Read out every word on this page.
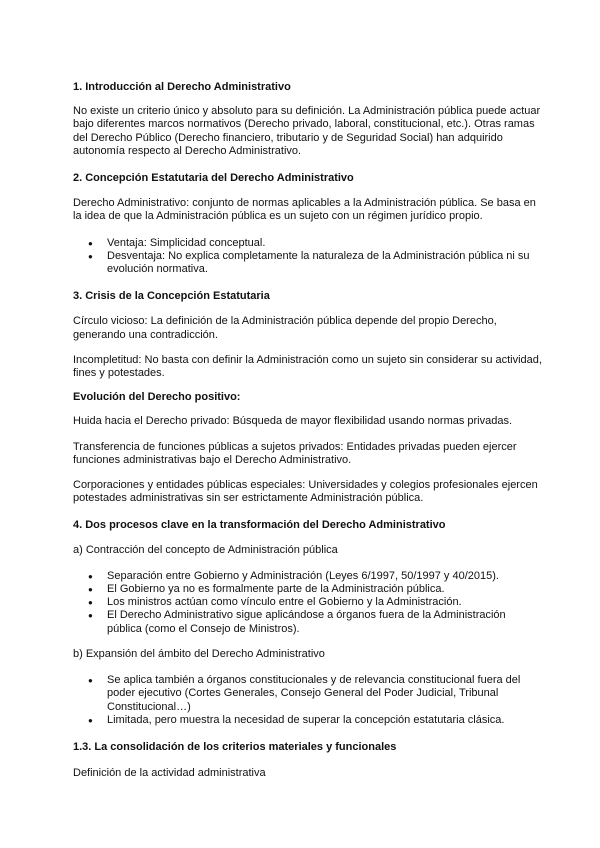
1. Introducción al Derecho Administrativo

No existe un criterio único y absoluto para su definición. La Administración pública puede actuar bajo diferentes marcos normativos (Derecho privado, laboral, constitucional, etc.). Otras ramas del Derecho Público (Derecho financiero, tributario y de Seguridad Social) han adquirido autonomía respecto al Derecho Administrativo.

2. Concepción Estatutaria del Derecho Administrativo

Derecho Administrativo: conjunto de normas aplicables a la Administración pública. Se basa en la idea de que la Administración pública es un sujeto con un régimen jurídico propio.

● Ventaja: Simplicidad conceptual.
● Desventaja: No explica completamente la naturaleza de la Administración pública ni su evolución normativa.
3. Crisis de la Concepción Estatutaria

Círculo vicioso: La definición de la Administración pública depende del propio Derecho, generando una contradicción.

Incompletitud: No basta con definir la Administración como un sujeto sin considerar su actividad, fines y potestades.

Evolución del Derecho positivo:

Huida hacia el Derecho privado: Búsqueda de mayor flexibilidad usando normas privadas.

Transferencia de funciones públicas a sujetos privados: Entidades privadas pueden ejercer funciones administrativas bajo el Derecho Administrativo.

Corporaciones y entidades públicas especiales: Universidades y colegios profesionales ejercen potestades administrativas sin ser estrictamente Administración pública.

4. Dos procesos clave en la transformación del Derecho Administrativo

a) Contracción del concepto de Administración pública

● Separación entre Gobierno y Administración (Leyes 6/1997, 50/1997 y 40/2015).
● El Gobierno ya no es formalmente parte de la Administración pública.
● Los ministros actúan como vínculo entre el Gobierno y la Administración.
● El Derecho Administrativo sigue aplicándose a órganos fuera de la Administración pública (como el Consejo de Ministros).

b) Expansión del ámbito del Derecho Administrativo

● Se aplica también a órganos constitucionales y de relevancia constitucional fuera del poder ejecutivo (Cortes Generales, Consejo General del Poder Judicial, Tribunal Constitucional…)
● Limitada, pero muestra la necesidad de superar la concepción estatutaria clásica.
1.3. La consolidación de los criterios materiales y funcionales

Definición de la actividad administrativa
